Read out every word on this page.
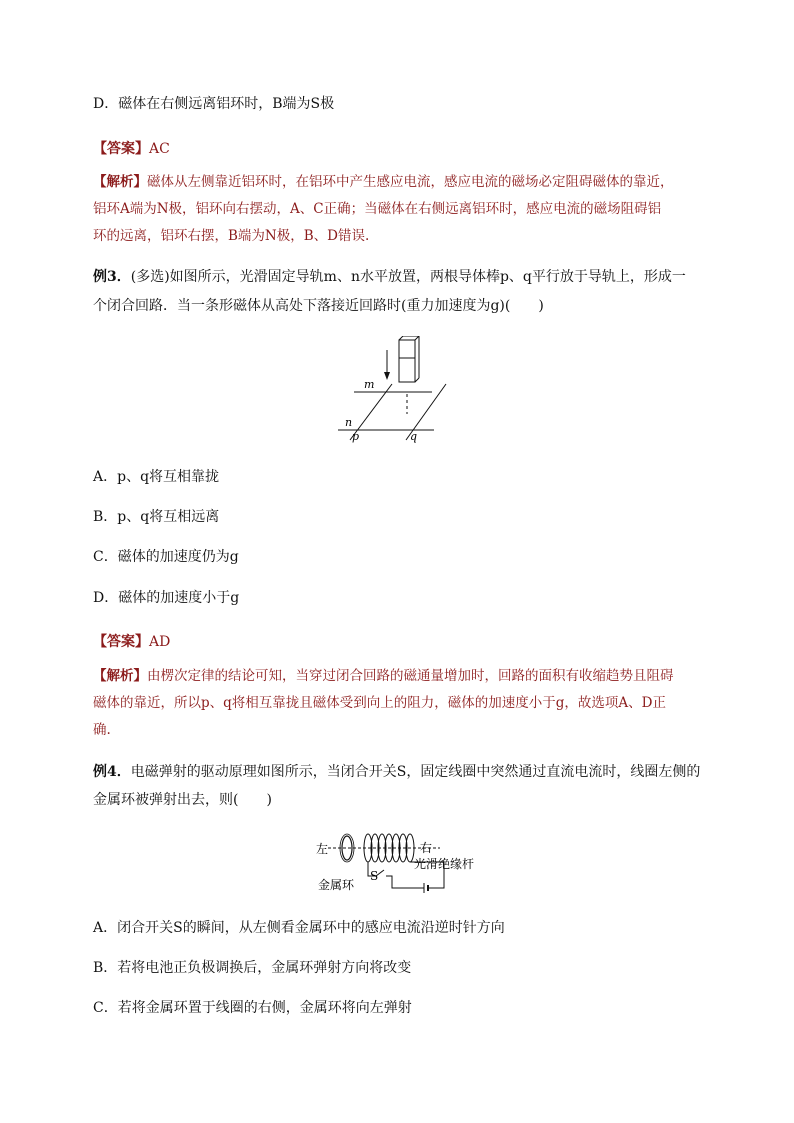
D．磁体在右侧远离铝环时，B端为S极
【答案】AC
【解析】磁体从左侧靠近铝环时，在铝环中产生感应电流，感应电流的磁场必定阻碍磁体的靠近，
铝环A端为N极，铝环向右摆动，A、C正确；当磁体在右侧远离铝环时，感应电流的磁场阻碍铝
环的远离，铝环右摆，B端为N极，B、D错误.
例3．(多选)如图所示，光滑固定导轨m、n水平放置，两根导体棒p、q平行放于导轨上，形成一
个闭合回路．当一条形磁体从高处下落接近回路时(重力加速度为g)(　　)
m
n
p	q
A．p、q将互相靠拢
B．p、q将互相远离
C．磁体的加速度仍为g
D．磁体的加速度小于g
【答案】AD
【解析】由楞次定律的结论可知，当穿过闭合回路的磁通量增加时，回路的面积有收缩趋势且阻碍
磁体的靠近，所以p、q将相互靠拢且磁体受到向上的阻力，磁体的加速度小于g，故选项A、D正
确.
例4．电磁弹射的驱动原理如图所示，当闭合开关S，固定线圈中突然通过直流电流时，线圈左侧的
金属环被弹射出去，则(　　)
左	右
光滑绝缘杆
金属环
S
A．闭合开关S的瞬间，从左侧看金属环中的感应电流沿逆时针方向
B．若将电池正负极调换后，金属环弹射方向将改变
C．若将金属环置于线圈的右侧，金属环将向左弹射
